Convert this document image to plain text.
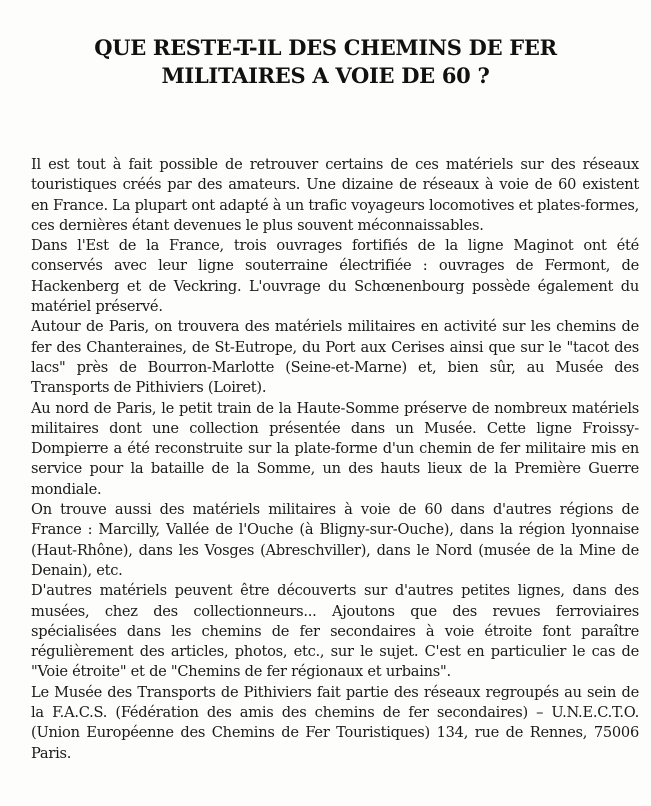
QUE RESTE-T-IL DES CHEMINS DE FER
MILITAIRES A VOIE DE 60 ?

Il est tout à fait possible de retrouver certains de ces matériels sur des réseaux touristiques créés par des amateurs. Une dizaine de réseaux à voie de 60 existent en France. La plupart ont adapté à un trafic voyageurs locomotives et plates-formes, ces dernières étant devenues le plus souvent méconnaissables.

Dans l'Est de la France, trois ouvrages fortifiés de la ligne Maginot ont été conservés avec leur ligne souterraine électrifiée : ouvrages de Fermont, de Hackenberg et de Veckring. L'ouvrage du Schœnenbourg possède également du matériel préservé.

Autour de Paris, on trouvera des matériels militaires en activité sur les chemins de fer des Chanteraines, de St-Eutrope, du Port aux Cerises ainsi que sur le "tacot des lacs" près de Bourron-Marlotte (Seine-et-Marne) et, bien sûr, au Musée des Transports de Pithiviers (Loiret).

Au nord de Paris, le petit train de la Haute-Somme préserve de nombreux matériels militaires dont une collection présentée dans un Musée. Cette ligne Froissy-Dompierre a été reconstruite sur la plate-forme d'un chemin de fer militaire mis en service pour la bataille de la Somme, un des hauts lieux de la Première Guerre mondiale.

On trouve aussi des matériels militaires à voie de 60 dans d'autres régions de France : Marcilly, Vallée de l'Ouche (à Bligny-sur-Ouche), dans la région lyonnaise (Haut-Rhône), dans les Vosges (Abreschviller), dans le Nord (musée de la Mine de Denain), etc.

D'autres matériels peuvent être découverts sur d'autres petites lignes, dans des musées, chez des collectionneurs... Ajoutons que des revues ferroviaires spécialisées dans les chemins de fer secondaires à voie étroite font paraître régulièrement des articles, photos, etc., sur le sujet. C'est en particulier le cas de "Voie étroite" et de "Chemins de fer régionaux et urbains".

Le Musée des Transports de Pithiviers fait partie des réseaux regroupés au sein de la F.A.C.S. (Fédération des amis des chemins de fer secondaires) – U.N.E.C.T.O. (Union Européenne des Chemins de Fer Touristiques) 134, rue de Rennes, 75006 Paris.
